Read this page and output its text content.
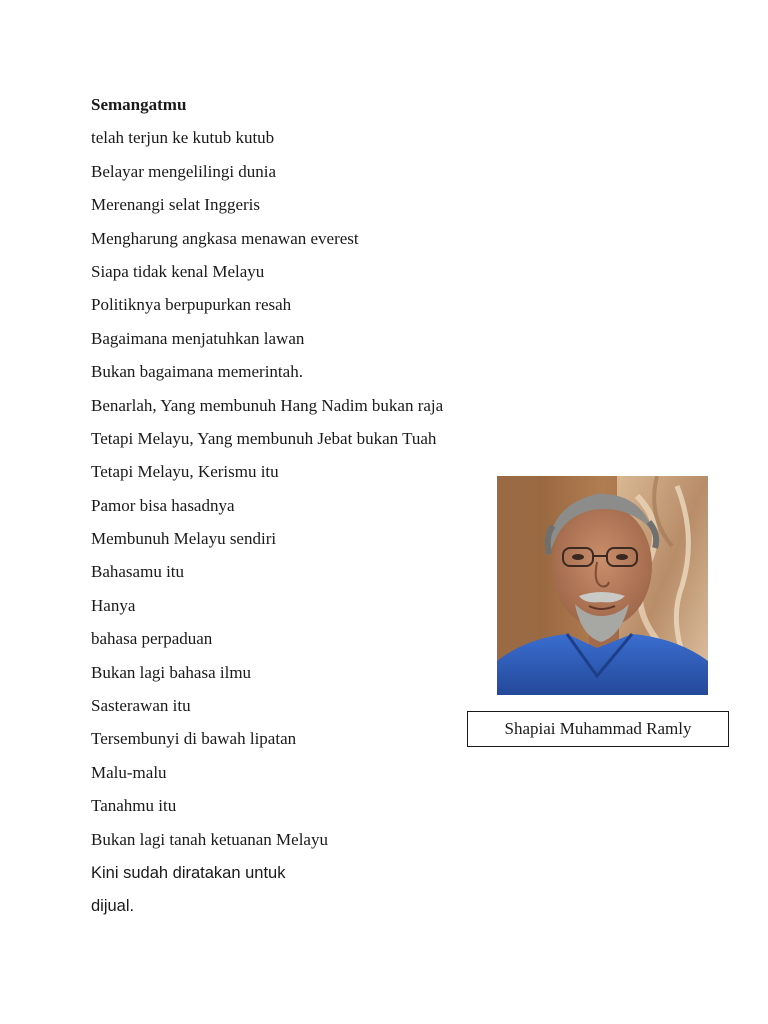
Semangatmu
telah terjun ke kutub kutub
Belayar mengelilingi dunia
Merenangi selat Inggeris
Mengharung angkasa menawan everest
Siapa tidak kenal Melayu
Politiknya berpupurkan resah
Bagaimana menjatuhkan lawan
Bukan bagaimana memerintah.
Benarlah, Yang membunuh Hang Nadim bukan raja
Tetapi Melayu, Yang membunuh Jebat bukan Tuah
Tetapi Melayu, Kerismu itu
Pamor bisa hasadnya
Membunuh Melayu sendiri
Bahasamu itu
Hanya
bahasa perpaduan
Bukan lagi bahasa ilmu
Sasterawan itu
Tersembunyi di bawah lipatan
Malu-malu
Tanahmu itu
Bukan lagi tanah ketuanan Melayu
Kini sudah diratakan untuk
dijual.
Shapiai Muhammad Ramly
